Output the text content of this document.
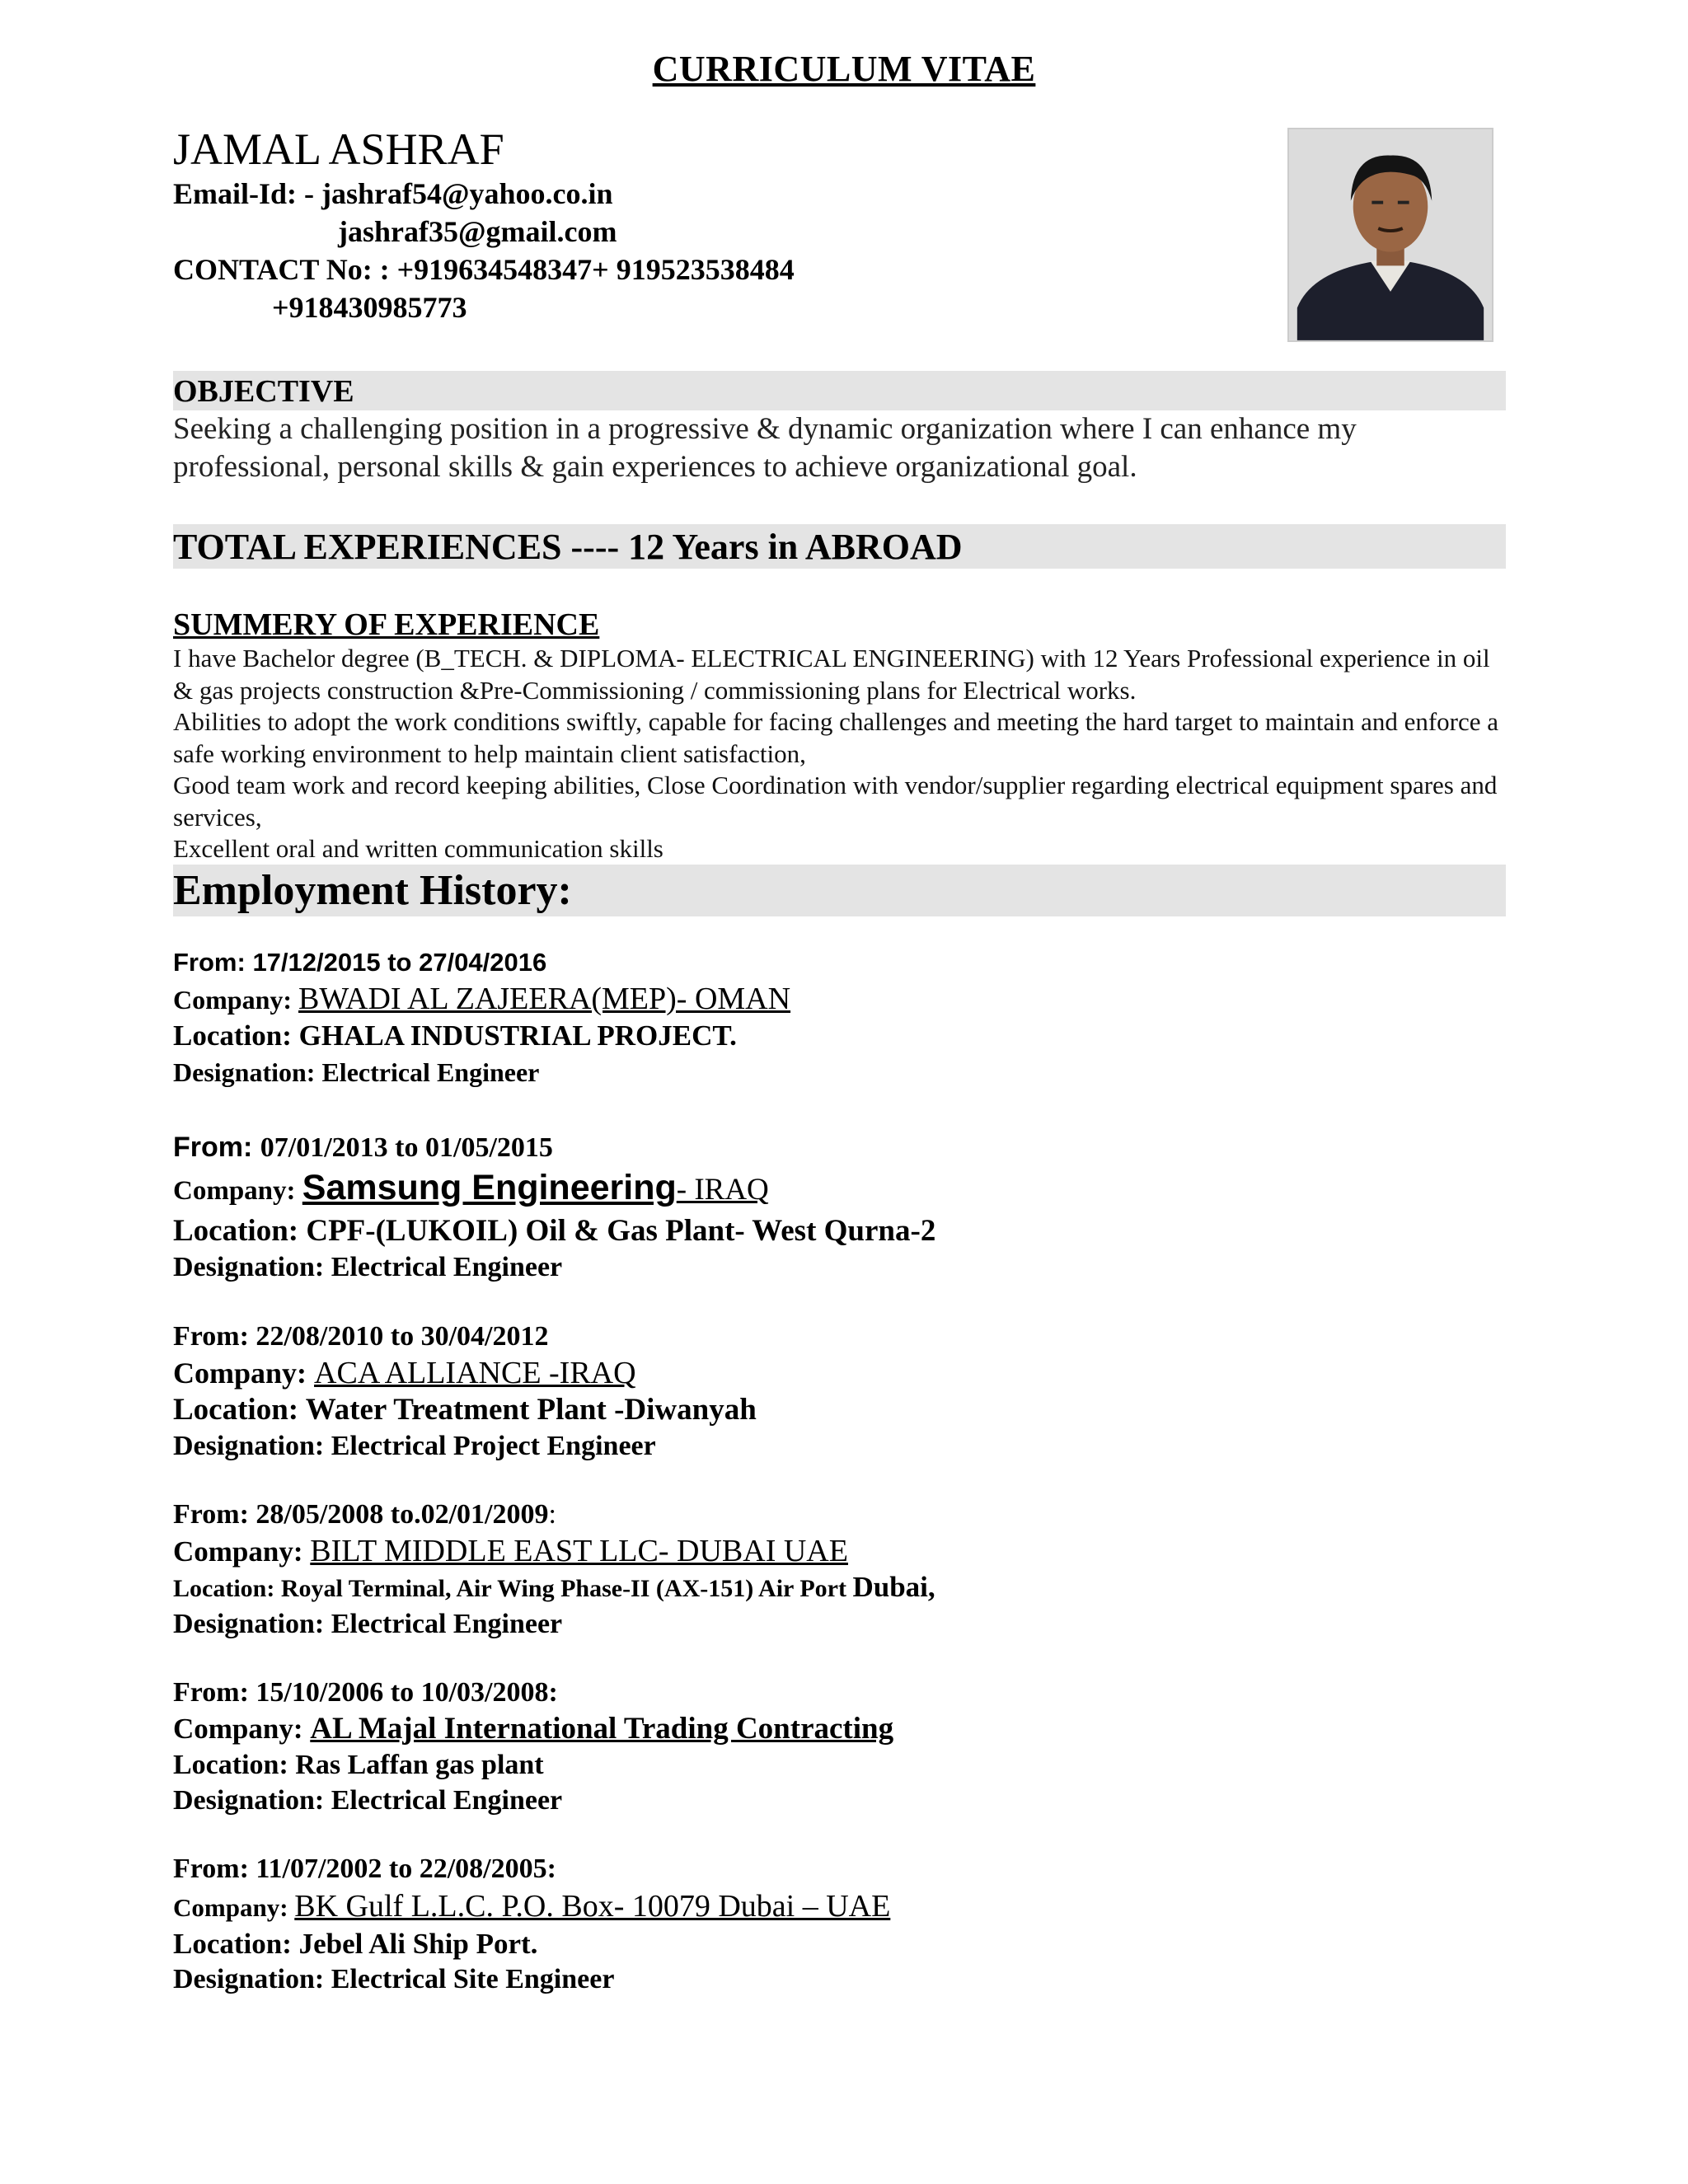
CURRICULUM VITAE
JAMAL ASHRAF
Email-Id: - jashraf54@yahoo.co.in
jashraf35@gmail.com
CONTACT No: : +919634548347+ 919523538484
+918430985773
OBJECTIVE
Seeking a challenging position in a progressive & dynamic organization where I can enhance my professional, personal skills & gain experiences to achieve organizational goal.
TOTAL EXPERIENCES ---- 12 Years in ABROAD
SUMMERY OF EXPERIENCE

I have Bachelor degree (B_TECH. & DIPLOMA- ELECTRICAL ENGINEERING) with 12 Years Professional experience in oil & gas projects construction &Pre-Commissioning / commissioning plans for Electrical works.

Abilities to adopt the work conditions swiftly, capable for facing challenges and meeting the hard target to maintain and enforce a safe working environment to help maintain client satisfaction,

Good team work and record keeping abilities, Close Coordination with vendor/supplier regarding electrical equipment spares and services,

Excellent oral and written communication skills

Employment History:
From: 17/12/2015 to 27/04/2016
Company: BWADI AL ZAJEERA(MEP)- OMAN
Location: GHALA INDUSTRIAL PROJECT.
Designation: Electrical Engineer
From: 07/01/2013 to 01/05/2015
Company: Samsung Engineering- IRAQ
Location: CPF-(LUKOIL) Oil & Gas Plant- West Qurna-2
Designation: Electrical Engineer
From: 22/08/2010 to 30/04/2012
Company: ACA ALLIANCE -IRAQ
Location: Water Treatment Plant -Diwanyah
Designation: Electrical Project Engineer
From: 28/05/2008 to.02/01/2009:
Company: BILT MIDDLE EAST LLC- DUBAI UAE
Location: Royal Terminal, Air Wing Phase-II (AX-151) Air Port Dubai,
Designation: Electrical Engineer
From: 15/10/2006 to 10/03/2008:
Company: AL Majal International Trading Contracting
Location: Ras Laffan gas plant
Designation: Electrical Engineer
From: 11/07/2002 to 22/08/2005:
Company: BK Gulf L.L.C. P.O. Box- 10079 Dubai – UAE
Location: Jebel Ali Ship Port.
Designation: Electrical Site Engineer
